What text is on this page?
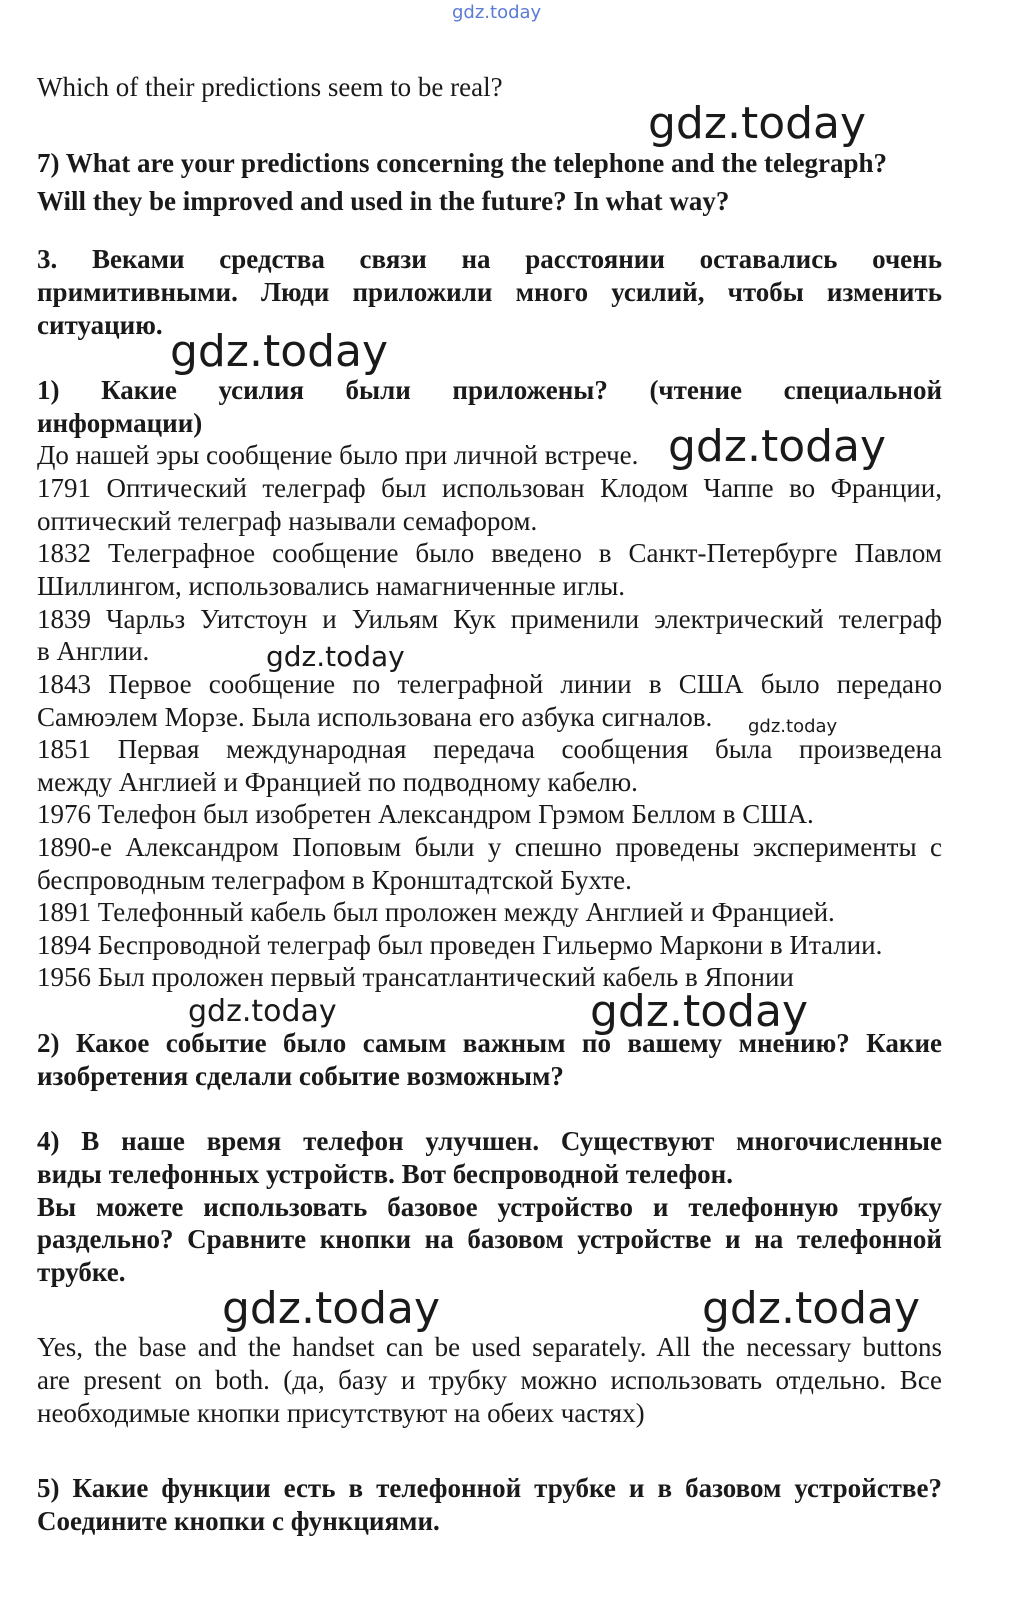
gdz.today
gdz.today
gdz.today
gdz.today
gdz.today
gdz.today
gdz.today	gdz.today
gdz.today	gdz.today
Which of their predictions seem to be real?
7) What are your predictions concerning the telephone and the telegraph?
Will they be improved and used in the future? In what way?
3. Веками средства связи на расстоянии оставались очень
примитивными. Люди приложили много усилий, чтобы изменить
ситуацию.
1) Какие усилия были приложены? (чтение специальной
информации)
До нашей эры сообщение было при личной встрече.
1791 Оптический телеграф был использован Клодом Чаппе во Франции,
оптический телеграф называли семафором.
1832 Телеграфное сообщение было введено в Санкт-Петербурге Павлом
Шиллингом, использовались намагниченные иглы.
1839 Чарльз Уитстоун и Уильям Кук применили электрический телеграф
в Англии.
1843 Первое сообщение по телеграфной линии в США было передано
Самюэлем Морзе. Была использована его азбука сигналов.
1851 Первая международная передача сообщения была произведена
между Англией и Францией по подводному кабелю.
1976 Телефон был изобретен Александром Грэмом Беллом в США.
1890-е Александром Поповым были у спешно проведены эксперименты с
беспроводным телеграфом в Кронштадтской Бухте.
1891 Телефонный кабель был проложен между Англией и Францией.
1894 Беспроводной телеграф был проведен Гильермо Маркони в Италии.
1956 Был проложен первый трансатлантический кабель в Японии
2) Какое событие было самым важным по вашему мнению? Какие
изобретения сделали событие возможным?
4) В наше время телефон улучшен. Существуют многочисленные
виды телефонных устройств. Вот беспроводной телефон.
Вы можете использовать базовое устройство и телефонную трубку
раздельно? Сравните кнопки на базовом устройстве и на телефонной
трубке.
Yes, the base and the handset can be used separately. All the necessary buttons
are present on both. (да, базу и трубку можно использовать отдельно. Все
необходимые кнопки присутствуют на обеих частях)
5) Какие функции есть в телефонной трубке и в базовом устройстве?
Соедините кнопки с функциями.
